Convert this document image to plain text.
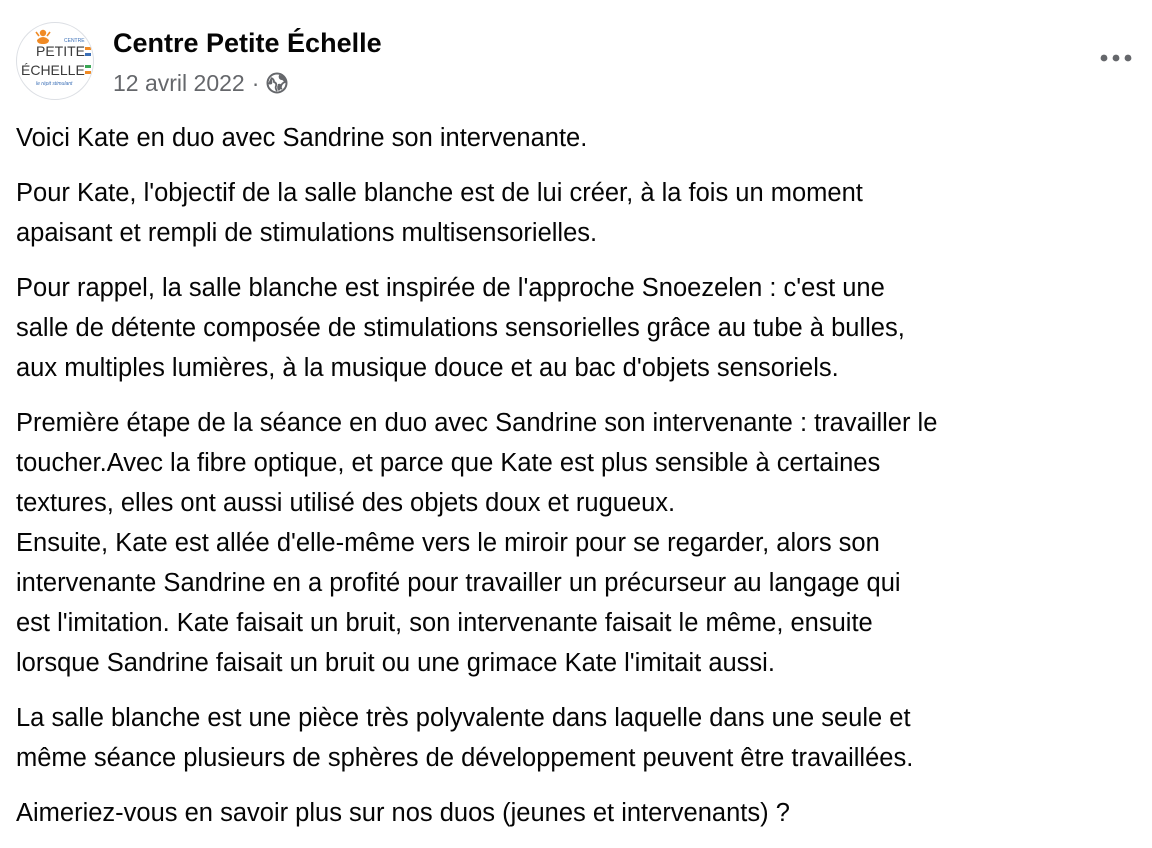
CENTRE
PETITE
ÉCHELLE
le répit stimulant
Centre Petite Échelle
12 avril 2022 ·

Voici Kate en duo avec Sandrine son intervenante.

Pour Kate, l'objectif de la salle blanche est de lui créer, à la fois un moment
apaisant et rempli de stimulations multisensorielles.

Pour rappel, la salle blanche est inspirée de l'approche Snoezelen : c'est une
salle de détente composée de stimulations sensorielles grâce au tube à bulles,
aux multiples lumières, à la musique douce et au bac d'objets sensoriels.

Première étape de la séance en duo avec Sandrine son intervenante : travailler le
toucher.Avec la fibre optique, et parce que Kate est plus sensible à certaines
textures, elles ont aussi utilisé des objets doux et rugueux.
Ensuite, Kate est allée d'elle-même vers le miroir pour se regarder, alors son
intervenante Sandrine en a profité pour travailler un précurseur au langage qui
est l'imitation. Kate faisait un bruit, son intervenante faisait le même, ensuite
lorsque Sandrine faisait un bruit ou une grimace Kate l'imitait aussi.

La salle blanche est une pièce très polyvalente dans laquelle dans une seule et
même séance plusieurs de sphères de développement peuvent être travaillées.

Aimeriez-vous en savoir plus sur nos duos (jeunes et intervenants) ?
